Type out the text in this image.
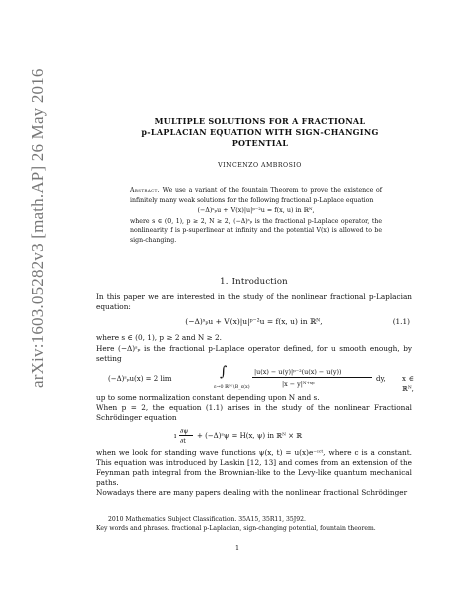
arXiv:1603.05282v3 [math.AP] 26 May 2016	MULTIPLE SOLUTIONS FOR A FRACTIONAL
p-LAPLACIAN EQUATION WITH SIGN-CHANGING
POTENTIAL
VINCENZO AMBROSIO
Abstract. We use a variant of the fountain Theorem to prove the existence of infinitely many weak solutions for the following fractional p-Laplace equation
(−Δ)ˢₚu + V(x)|u|ᵖ⁻²u = f(x, u) in ℝᴺ,
where s ∈ (0, 1), p ≥ 2, N ≥ 2, (−Δ)ˢₚ is the fractional p-Laplace operator, the nonlinearity f is p-superlinear at infinity and the potential V(x) is allowed to be sign-changing.
1. Introduction

In this paper we are interested in the study of the nonlinear fractional p-Laplacian equation:

(−Δ)ˢₚu + V(x)|u|ᵖ⁻²u = f(x, u) in ℝᴺ,	(1.1)

where s ∈ (0, 1), p ≥ 2 and N ≥ 2.

Here (−Δ)ˢₚ is the fractional p-Laplace operator defined, for u smooth enough, by setting

(−Δ)ˢₚu(x) = 2 lim	∫
ε→0 ℝᴺ∖B_ε(x)
|u(x) − u(y)|ᵖ⁻²(u(x) − u(y))
|x − y|ᴺ⁺ˢᵖ
dy, x ∈ ℝᴺ,

up to some normalization constant depending upon N and s.

When p = 2, the equation (1.1) arises in the study of the nonlinear Fractional Schrödinger equation

ı
∂ψ
∂t
+ (−Δ)ˢψ = H(x, ψ) in ℝᴺ × ℝ

when we look for standing wave functions ψ(x, t) = u(x)e⁻ᶦᶜᵗ, where c is a constant. This equation was introduced by Laskin [12, 13] and comes from an extension of the Feynman path integral from the Brownian-like to the Levy-like quantum mechanical paths.

Nowadays there are many papers dealing with the nonlinear fractional Schrödinger

2010 Mathematics Subject Classification. 35A15, 35R11, 35J92.
Key words and phrases. fractional p-Laplacian, sign-changing potential, fountain theorem.
1
